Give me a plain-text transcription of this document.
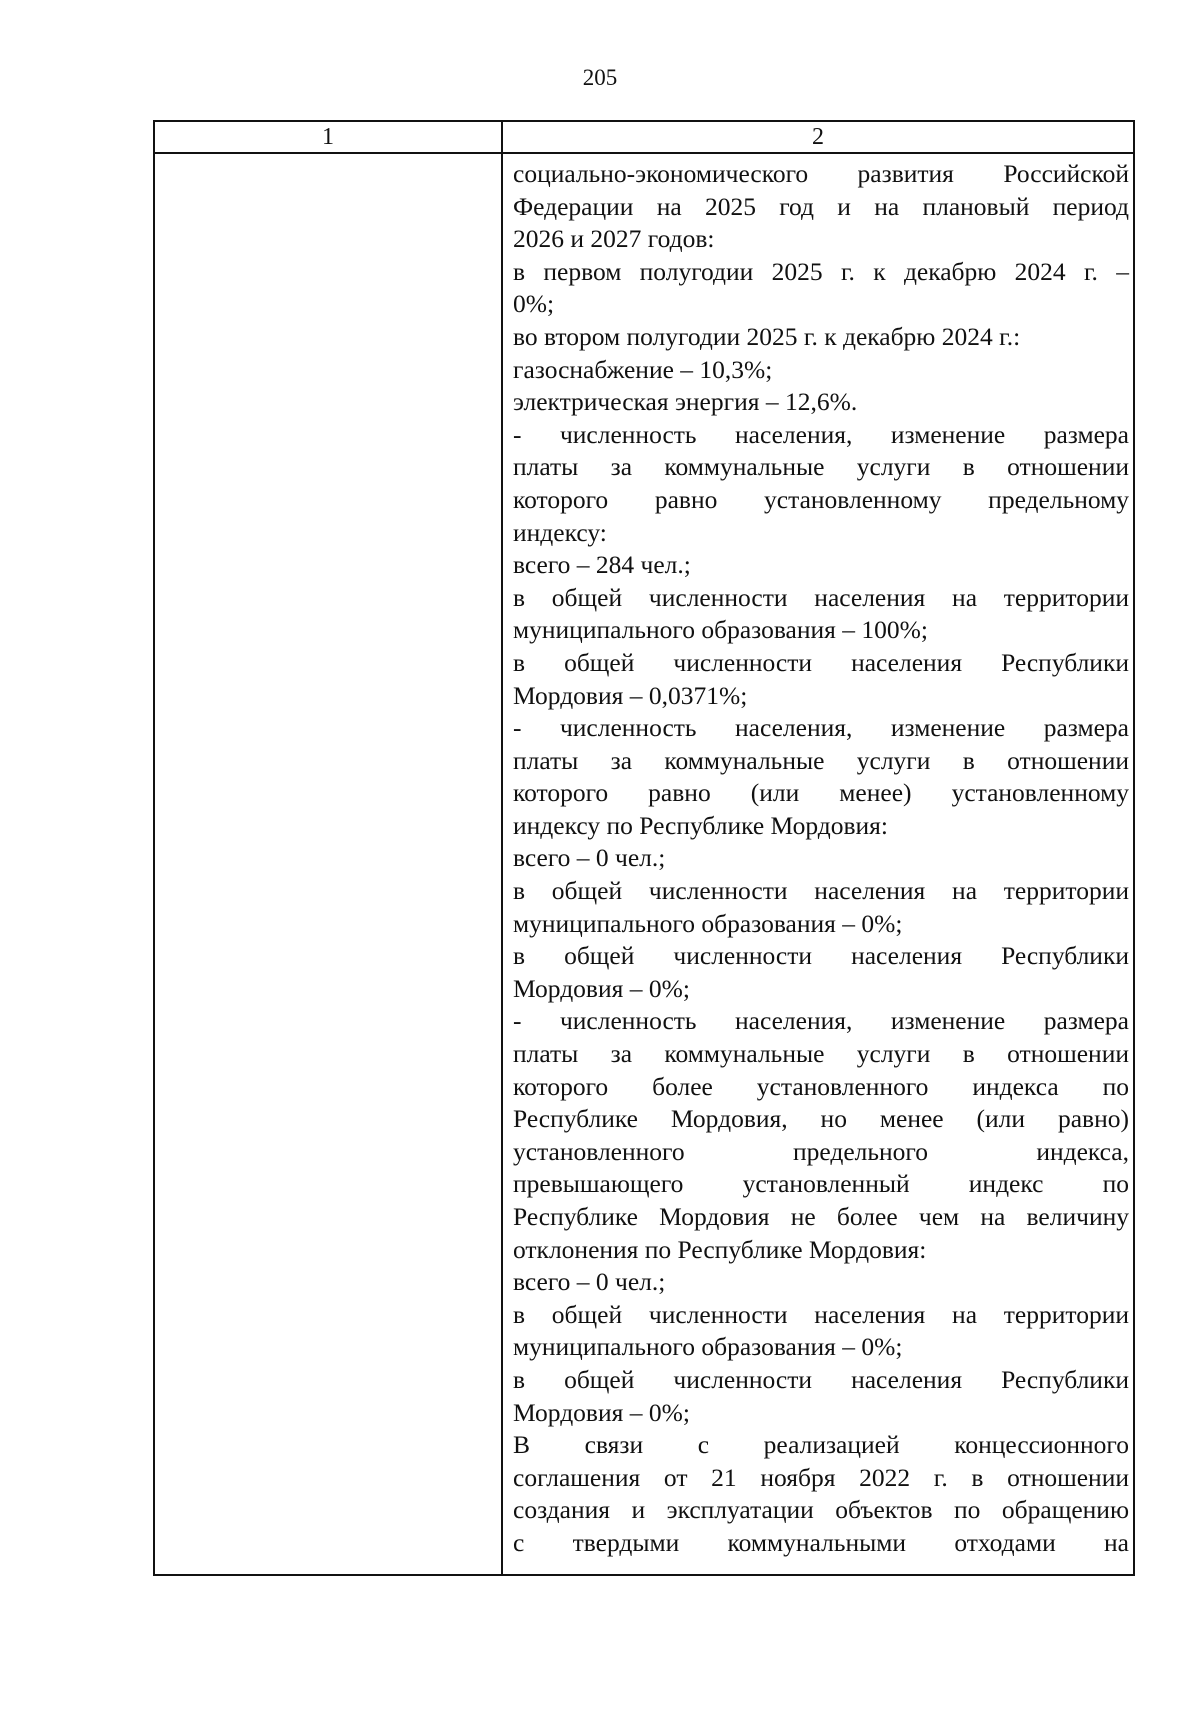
205
1	2
социально-экономического развития Российской
Федерации на 2025 год и на плановый период
2026 и 2027 годов:
в первом полугодии 2025 г. к декабрю 2024 г. –
0%;
во втором полугодии 2025 г. к декабрю 2024 г.:
газоснабжение – 10,3%;
электрическая энергия – 12,6%.
- численность населения, изменение размера
платы за коммунальные услуги в отношении
которого равно установленному предельному
индексу:
всего – 284 чел.;
в общей численности населения на территории
муниципального образования – 100%;
в общей численности населения Республики
Мордовия – 0,0371%;
- численность населения, изменение размера
платы за коммунальные услуги в отношении
которого равно (или менее) установленному
индексу по Республике Мордовия:
всего – 0 чел.;
в общей численности населения на территории
муниципального образования – 0%;
в общей численности населения Республики
Мордовия – 0%;
- численность населения, изменение размера
платы за коммунальные услуги в отношении
которого более установленного индекса по
Республике Мордовия, но менее (или равно)
установленного предельного индекса,
превышающего установленный индекс по
Республике Мордовия не более чем на величину
отклонения по Республике Мордовия:
всего – 0 чел.;
в общей численности населения на территории
муниципального образования – 0%;
в общей численности населения Республики
Мордовия – 0%;
В связи с реализацией концессионного
соглашения от 21 ноября 2022 г. в отношении
создания и эксплуатации объектов по обращению
с твердыми коммунальными отходами на
